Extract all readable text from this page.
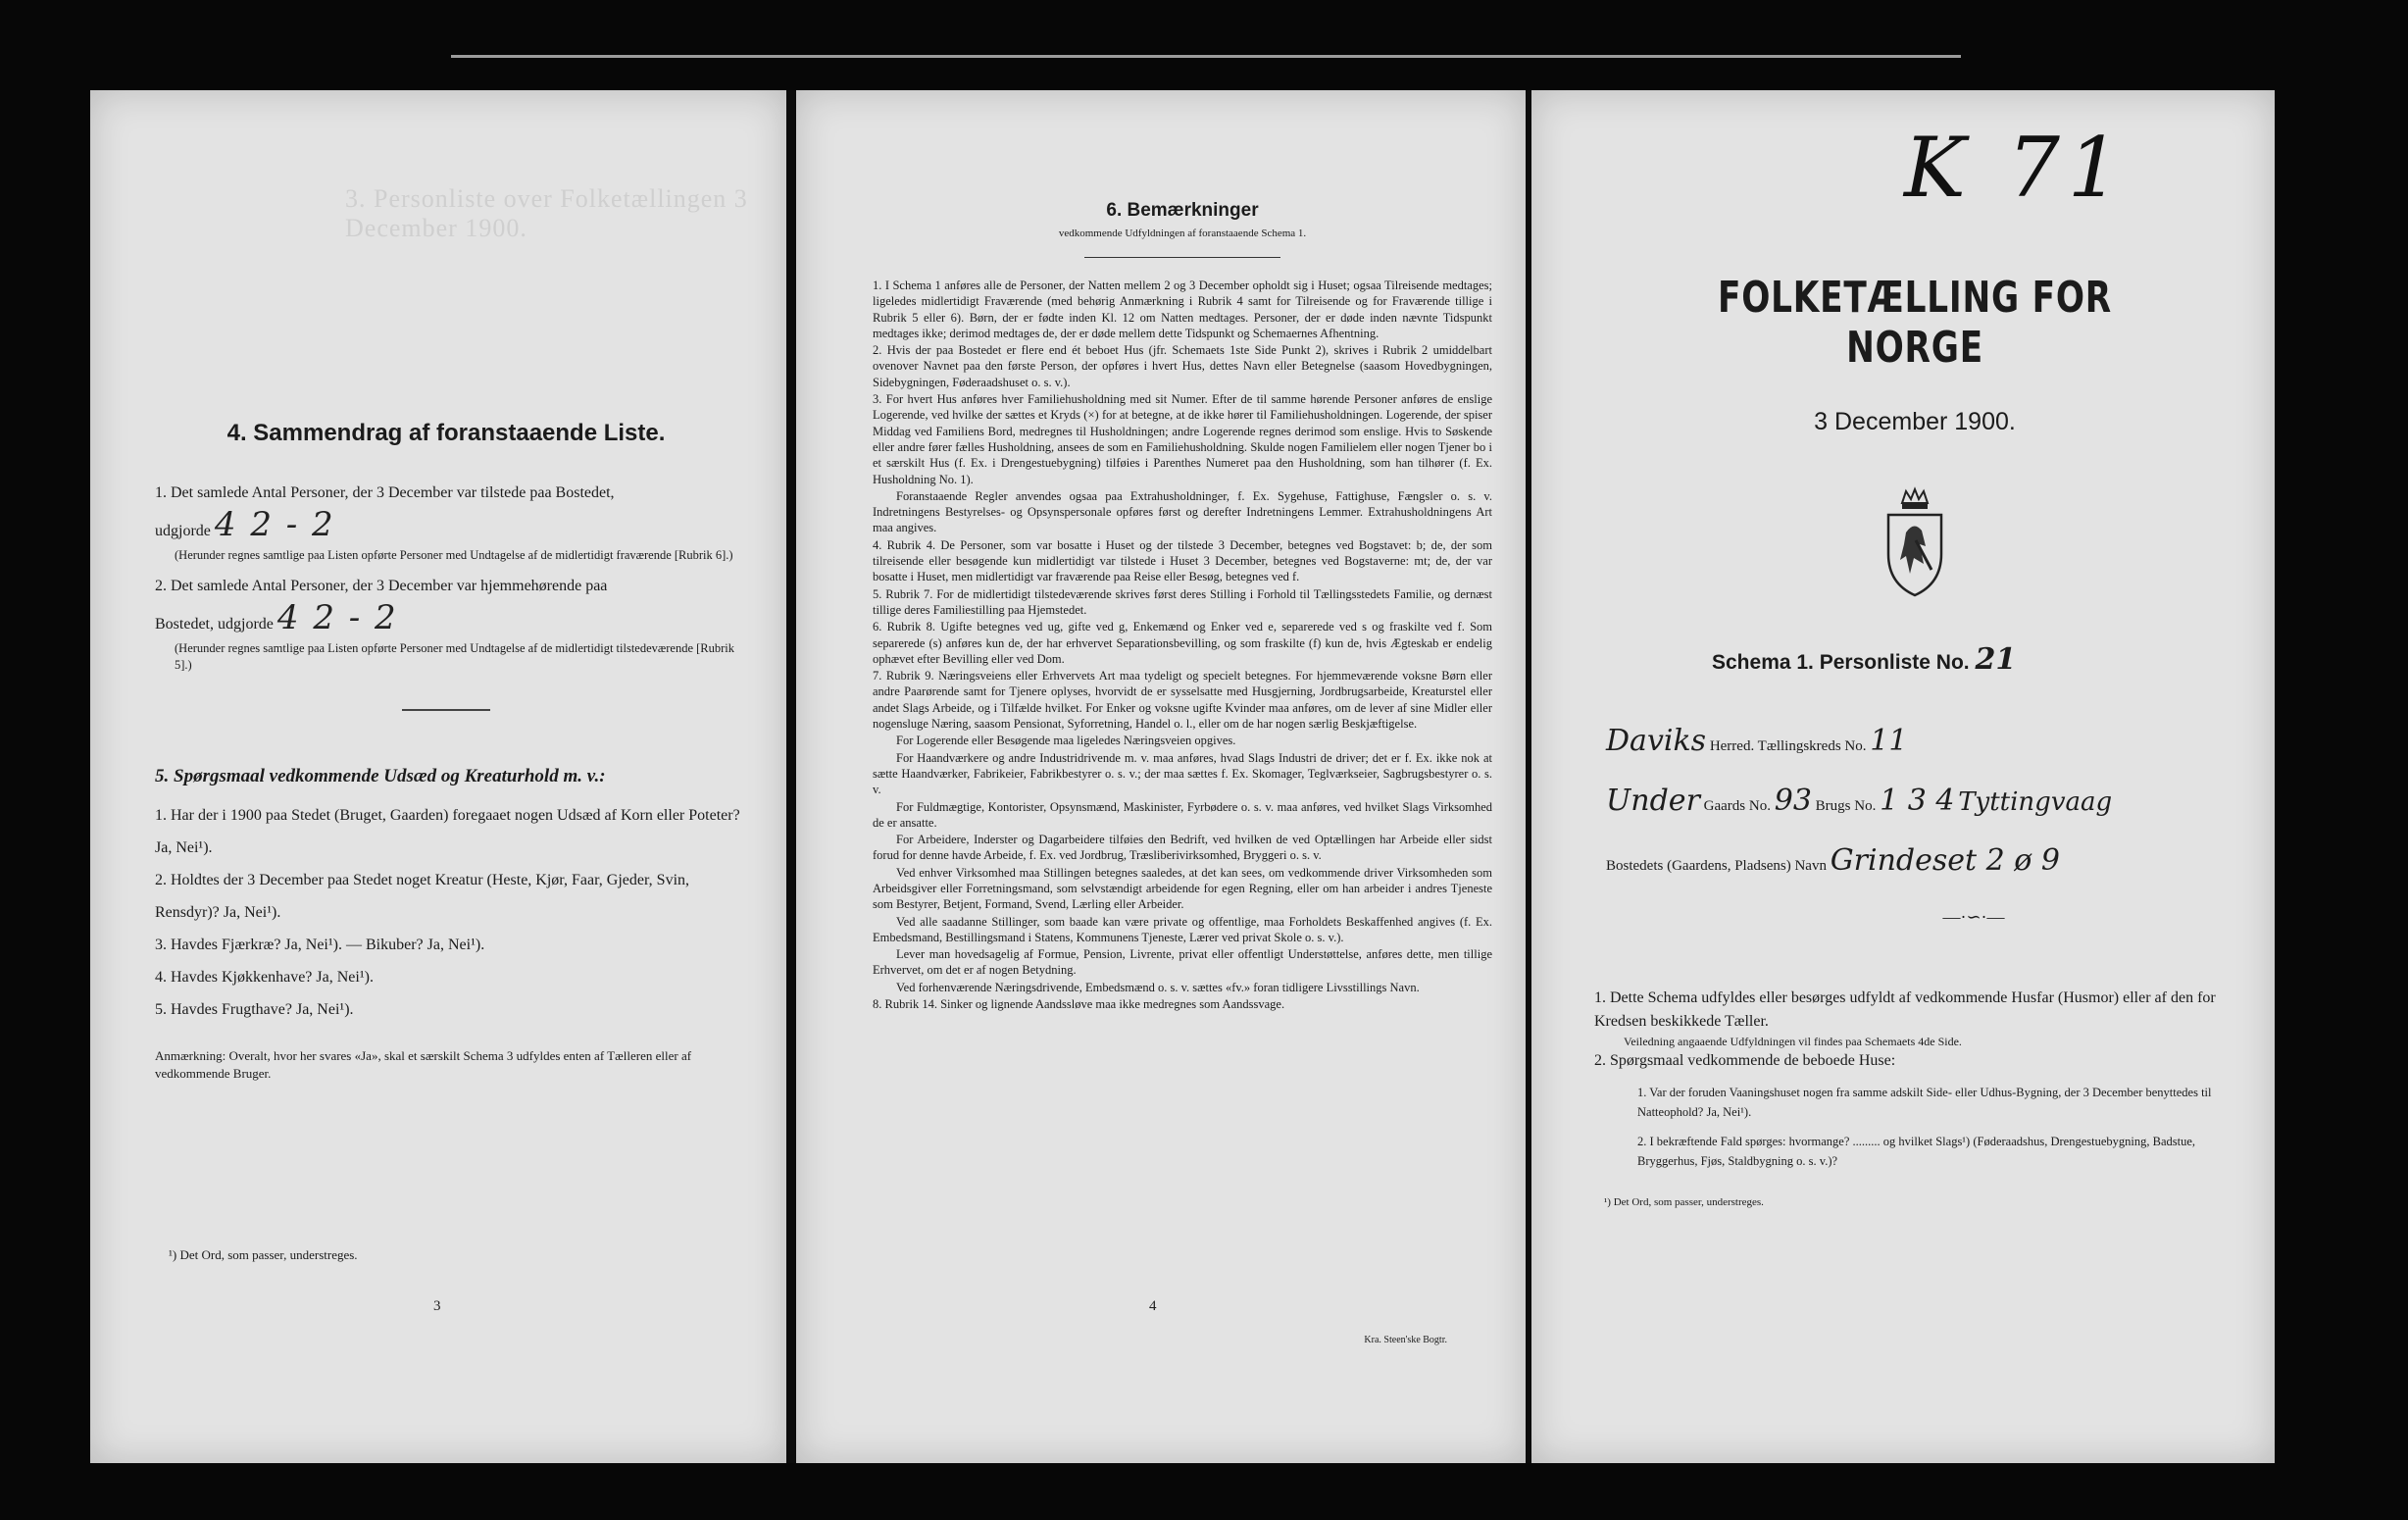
3. Personliste over Folketællingen 3 December 1900.
4. Sammendrag af foranstaaende Liste.
1. Det samlede Antal Personer, der 3 December var tilstede paa Bostedet,
udgjorde 4 2 - 2
(Herunder regnes samtlige paa Listen opførte Personer med Undtagelse af de midlertidigt fraværende [Rubrik 6].)
2. Det samlede Antal Personer, der 3 December var hjemmehørende paa
Bostedet, udgjorde 4 2 - 2
(Herunder regnes samtlige paa Listen opførte Personer med Undtagelse af de midlertidigt tilstedeværende [Rubrik 5].)
5. Spørgsmaal vedkommende Udsæd og Kreaturhold m. v.:
1. Har der i 1900 paa Stedet (Bruget, Gaarden) foregaaet nogen Udsæd af Korn eller Poteter? Ja, Nei¹).
2. Holdtes der 3 December paa Stedet noget Kreatur (Heste, Kjør, Faar, Gjeder, Svin, Rensdyr)? Ja, Nei¹).
3. Havdes Fjærkræ? Ja, Nei¹). — Bikuber? Ja, Nei¹).
4. Havdes Kjøkkenhave? Ja, Nei¹).
5. Havdes Frugthave? Ja, Nei¹).
Anmærkning: Overalt, hvor her svares «Ja», skal et særskilt Schema 3 udfyldes enten af Tælleren eller af vedkommende Bruger.
¹) Det Ord, som passer, understreges.
3
6. Bemærkninger
vedkommende Udfyldningen af foranstaaende Schema 1.
1. I Schema 1 anføres alle de Personer, der Natten mellem 2 og 3 December opholdt sig i Huset; ogsaa Tilreisende medtages; ligeledes midlertidigt Fraværende (med behørig Anmærkning i Rubrik 4 samt for Tilreisende og for Fraværende tillige i Rubrik 5 eller 6). Børn, der er fødte inden Kl. 12 om Natten medtages. Personer, der er døde inden nævnte Tidspunkt medtages ikke; derimod medtages de, der er døde mellem dette Tidspunkt og Schemaernes Afhentning.
2. Hvis der paa Bostedet er flere end ét beboet Hus (jfr. Schemaets 1ste Side Punkt 2), skrives i Rubrik 2 umiddelbart ovenover Navnet paa den første Person, der opføres i hvert Hus, dettes Navn eller Betegnelse (saasom Hovedbygningen, Sidebygningen, Føderaadshuset o. s. v.).
3. For hvert Hus anføres hver Familiehusholdning med sit Numer. Efter de til samme hørende Personer anføres de enslige Logerende, ved hvilke der sættes et Kryds (×) for at betegne, at de ikke hører til Familiehusholdningen. Logerende, der spiser Middag ved Familiens Bord, medregnes til Husholdningen; andre Logerende regnes derimod som enslige. Hvis to Søskende eller andre fører fælles Husholdning, ansees de som en Familiehusholdning. Skulde nogen Familielem eller nogen Tjener bo i et særskilt Hus (f. Ex. i Drengestuebygning) tilføies i Parenthes Numeret paa den Husholdning, som han tilhører (f. Ex. Husholdning No. 1).
Foranstaaende Regler anvendes ogsaa paa Extrahusholdninger, f. Ex. Sygehuse, Fattighuse, Fængsler o. s. v. Indretningens Bestyrelses- og Opsynspersonale opføres først og derefter Indretningens Lemmer. Extrahusholdningens Art maa angives.
4. Rubrik 4. De Personer, som var bosatte i Huset og der tilstede 3 December, betegnes ved Bogstavet: b; de, der som tilreisende eller besøgende kun midlertidigt var tilstede i Huset 3 December, betegnes ved Bogstaverne: mt; de, der var bosatte i Huset, men midlertidigt var fraværende paa Reise eller Besøg, betegnes ved f.
5. Rubrik 7. For de midlertidigt tilstedeværende skrives først deres Stilling i Forhold til Tællingsstedets Familie, og dernæst tillige deres Familiestilling paa Hjemstedet.
6. Rubrik 8. Ugifte betegnes ved ug, gifte ved g, Enkemænd og Enker ved e, separerede ved s og fraskilte ved f. Som separerede (s) anføres kun de, der har erhvervet Separationsbevilling, og som fraskilte (f) kun de, hvis Ægteskab er endelig ophævet efter Bevilling eller ved Dom.
7. Rubrik 9. Næringsveiens eller Erhvervets Art maa tydeligt og specielt betegnes. For hjemmeværende voksne Børn eller andre Paarørende samt for Tjenere oplyses, hvorvidt de er sysselsatte med Husgjerning, Jordbrugsarbeide, Kreaturstel eller andet Slags Arbeide, og i Tilfælde hvilket. For Enker og voksne ugifte Kvinder maa anføres, om de lever af sine Midler eller nogensluge Næring, saasom Pensionat, Syforretning, Handel o. l., eller om de har nogen særlig Beskjæftigelse.
For Logerende eller Besøgende maa ligeledes Næringsveien opgives.
For Haandværkere og andre Industridrivende m. v. maa anføres, hvad Slags Industri de driver; det er f. Ex. ikke nok at sætte Haandværker, Fabrikeier, Fabrikbestyrer o. s. v.; der maa sættes f. Ex. Skomager, Teglværkseier, Sagbrugsbestyrer o. s. v.
For Fuldmægtige, Kontorister, Opsynsmænd, Maskinister, Fyrbødere o. s. v. maa anføres, ved hvilket Slags Virksomhed de er ansatte.
For Arbeidere, Inderster og Dagarbeidere tilføies den Bedrift, ved hvilken de ved Optællingen har Arbeide eller sidst forud for denne havde Arbeide, f. Ex. ved Jordbrug, Træsliberivirksomhed, Bryggeri o. s. v.
Ved enhver Virksomhed maa Stillingen betegnes saaledes, at det kan sees, om vedkommende driver Virksomheden som Arbeidsgiver eller Forretningsmand, som selvstændigt arbeidende for egen Regning, eller om han arbeider i andres Tjeneste som Bestyrer, Betjent, Formand, Svend, Lærling eller Arbeider.
Ved alle saadanne Stillinger, som baade kan være private og offentlige, maa Forholdets Beskaffenhed angives (f. Ex. Embedsmand, Bestillingsmand i Statens, Kommunens Tjeneste, Lærer ved privat Skole o. s. v.).
Lever man hovedsagelig af Formue, Pension, Livrente, privat eller offentligt Understøttelse, anføres dette, men tillige Erhvervet, om det er af nogen Betydning.
Ved forhenværende Næringsdrivende, Embedsmænd o. s. v. sættes «fv.» foran tidligere Livsstillings Navn.
8. Rubrik 14. Sinker og lignende Aandssløve maa ikke medregnes som Aandssvage.
4
Kra. Steen'ske Bogtr.
K 71
FOLKETÆLLING FOR NORGE
3 December 1900.
Schema 1. Personliste No. 21
Daviks Herred. Tællingskreds No. 11
Under Gaards No. 93 Brugs No. 1 3 4 Tyttingvaag
Bostedets (Gaardens, Pladsens) Navn Grindeset 2 ø 9
—·∽·—
1. Dette Schema udfyldes eller besørges udfyldt af vedkommende Husfar (Husmor) eller af den for Kredsen beskikkede Tæller.
Veiledning angaaende Udfyldningen vil findes paa Schemaets 4de Side.
2. Spørgsmaal vedkommende de beboede Huse:
1. Var der foruden Vaaningshuset nogen fra samme adskilt Side- eller Udhus-Bygning, der 3 December benyttedes til Natteophold? Ja, Nei¹).
2. I bekræftende Fald spørges: hvormange? ......... og hvilket Slags¹) (Føderaadshus, Drengestuebygning, Badstue, Bryggerhus, Fjøs, Staldbygning o. s. v.)?
¹) Det Ord, som passer, understreges.
